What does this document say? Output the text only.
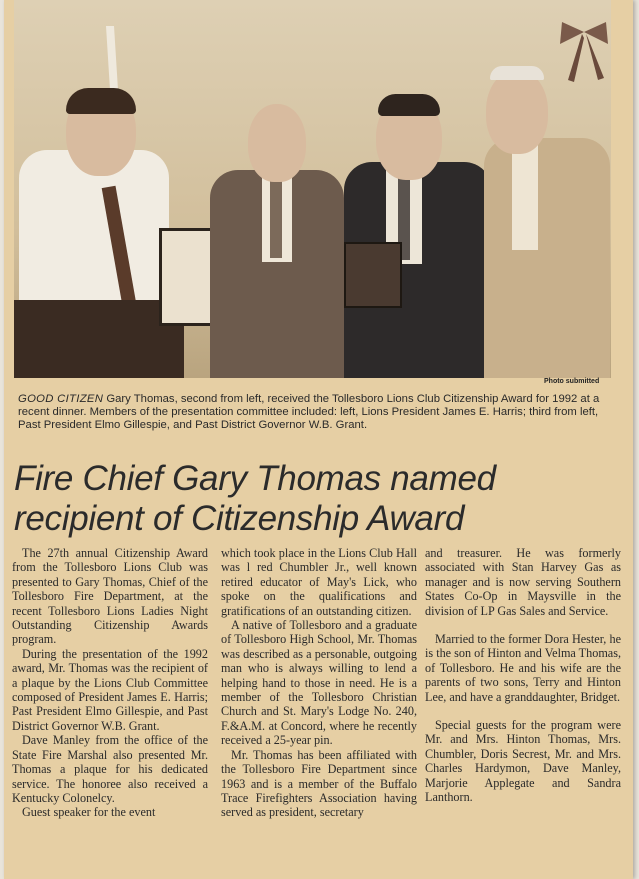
Photo submitted
GOOD CITIZEN Gary Thomas, second from left, received the Tollesboro Lions Club Citizenship Award for 1992 at a recent dinner. Members of the presentation committee included: left, Lions President James E. Harris; third from left, Past President Elmo Gillespie, and Past District Governor W.B. Grant.
Fire Chief Gary Thomas named recipient of Citizenship Award

The 27th annual Citizenship Award from the Tollesboro Lions Club was presented to Gary Thomas, Chief of the Tollesboro Fire Department, at the recent Tollesboro Lions Ladies Night Outstanding Citizenship Awards program.

During the presentation of the 1992 award, Mr. Thomas was the recipient of a plaque by the Lions Club Committee composed of President James E. Harris; Past President Elmo Gillespie, and Past District Governor W.B. Grant.

Dave Manley from the office of the State Fire Marshal also presented Mr. Thomas a plaque for his dedicated service. The honoree also received a Kentucky Colonelcy.

Guest speaker for the event

which took place in the Lions Club Hall was l red Chumbler Jr., well known retired educator of May's Lick, who spoke on the qualifications and gratifications of an outstanding citizen.

A native of Tollesboro and a graduate of Tollesboro High School, Mr. Thomas was described as a personable, outgoing man who is always willing to lend a helping hand to those in need. He is a member of the Tollesboro Christian Church and St. Mary's Lodge No. 240, F.&A.M. at Concord, where he recently received a 25-year pin.

Mr. Thomas has been affiliated with the Tollesboro Fire Department since 1963 and is a member of the Buffalo Trace Firefighters Association having served as president, secretary

and treasurer. He was formerly associated with Stan Harvey Gas as manager and is now serving Southern States Co-Op in Maysville in the division of LP Gas Sales and Service.

Married to the former Dora Hester, he is the son of Hinton and Velma Thomas, of Tollesboro. He and his wife are the parents of two sons, Terry and Hinton Lee, and have a granddaughter, Bridget.

Special guests for the program were Mr. and Mrs. Hinton Thomas, Mrs. Chumbler, Doris Secrest, Mr. and Mrs. Charles Hardymon, Dave Manley, Marjorie Applegate and Sandra Lanthorn.
